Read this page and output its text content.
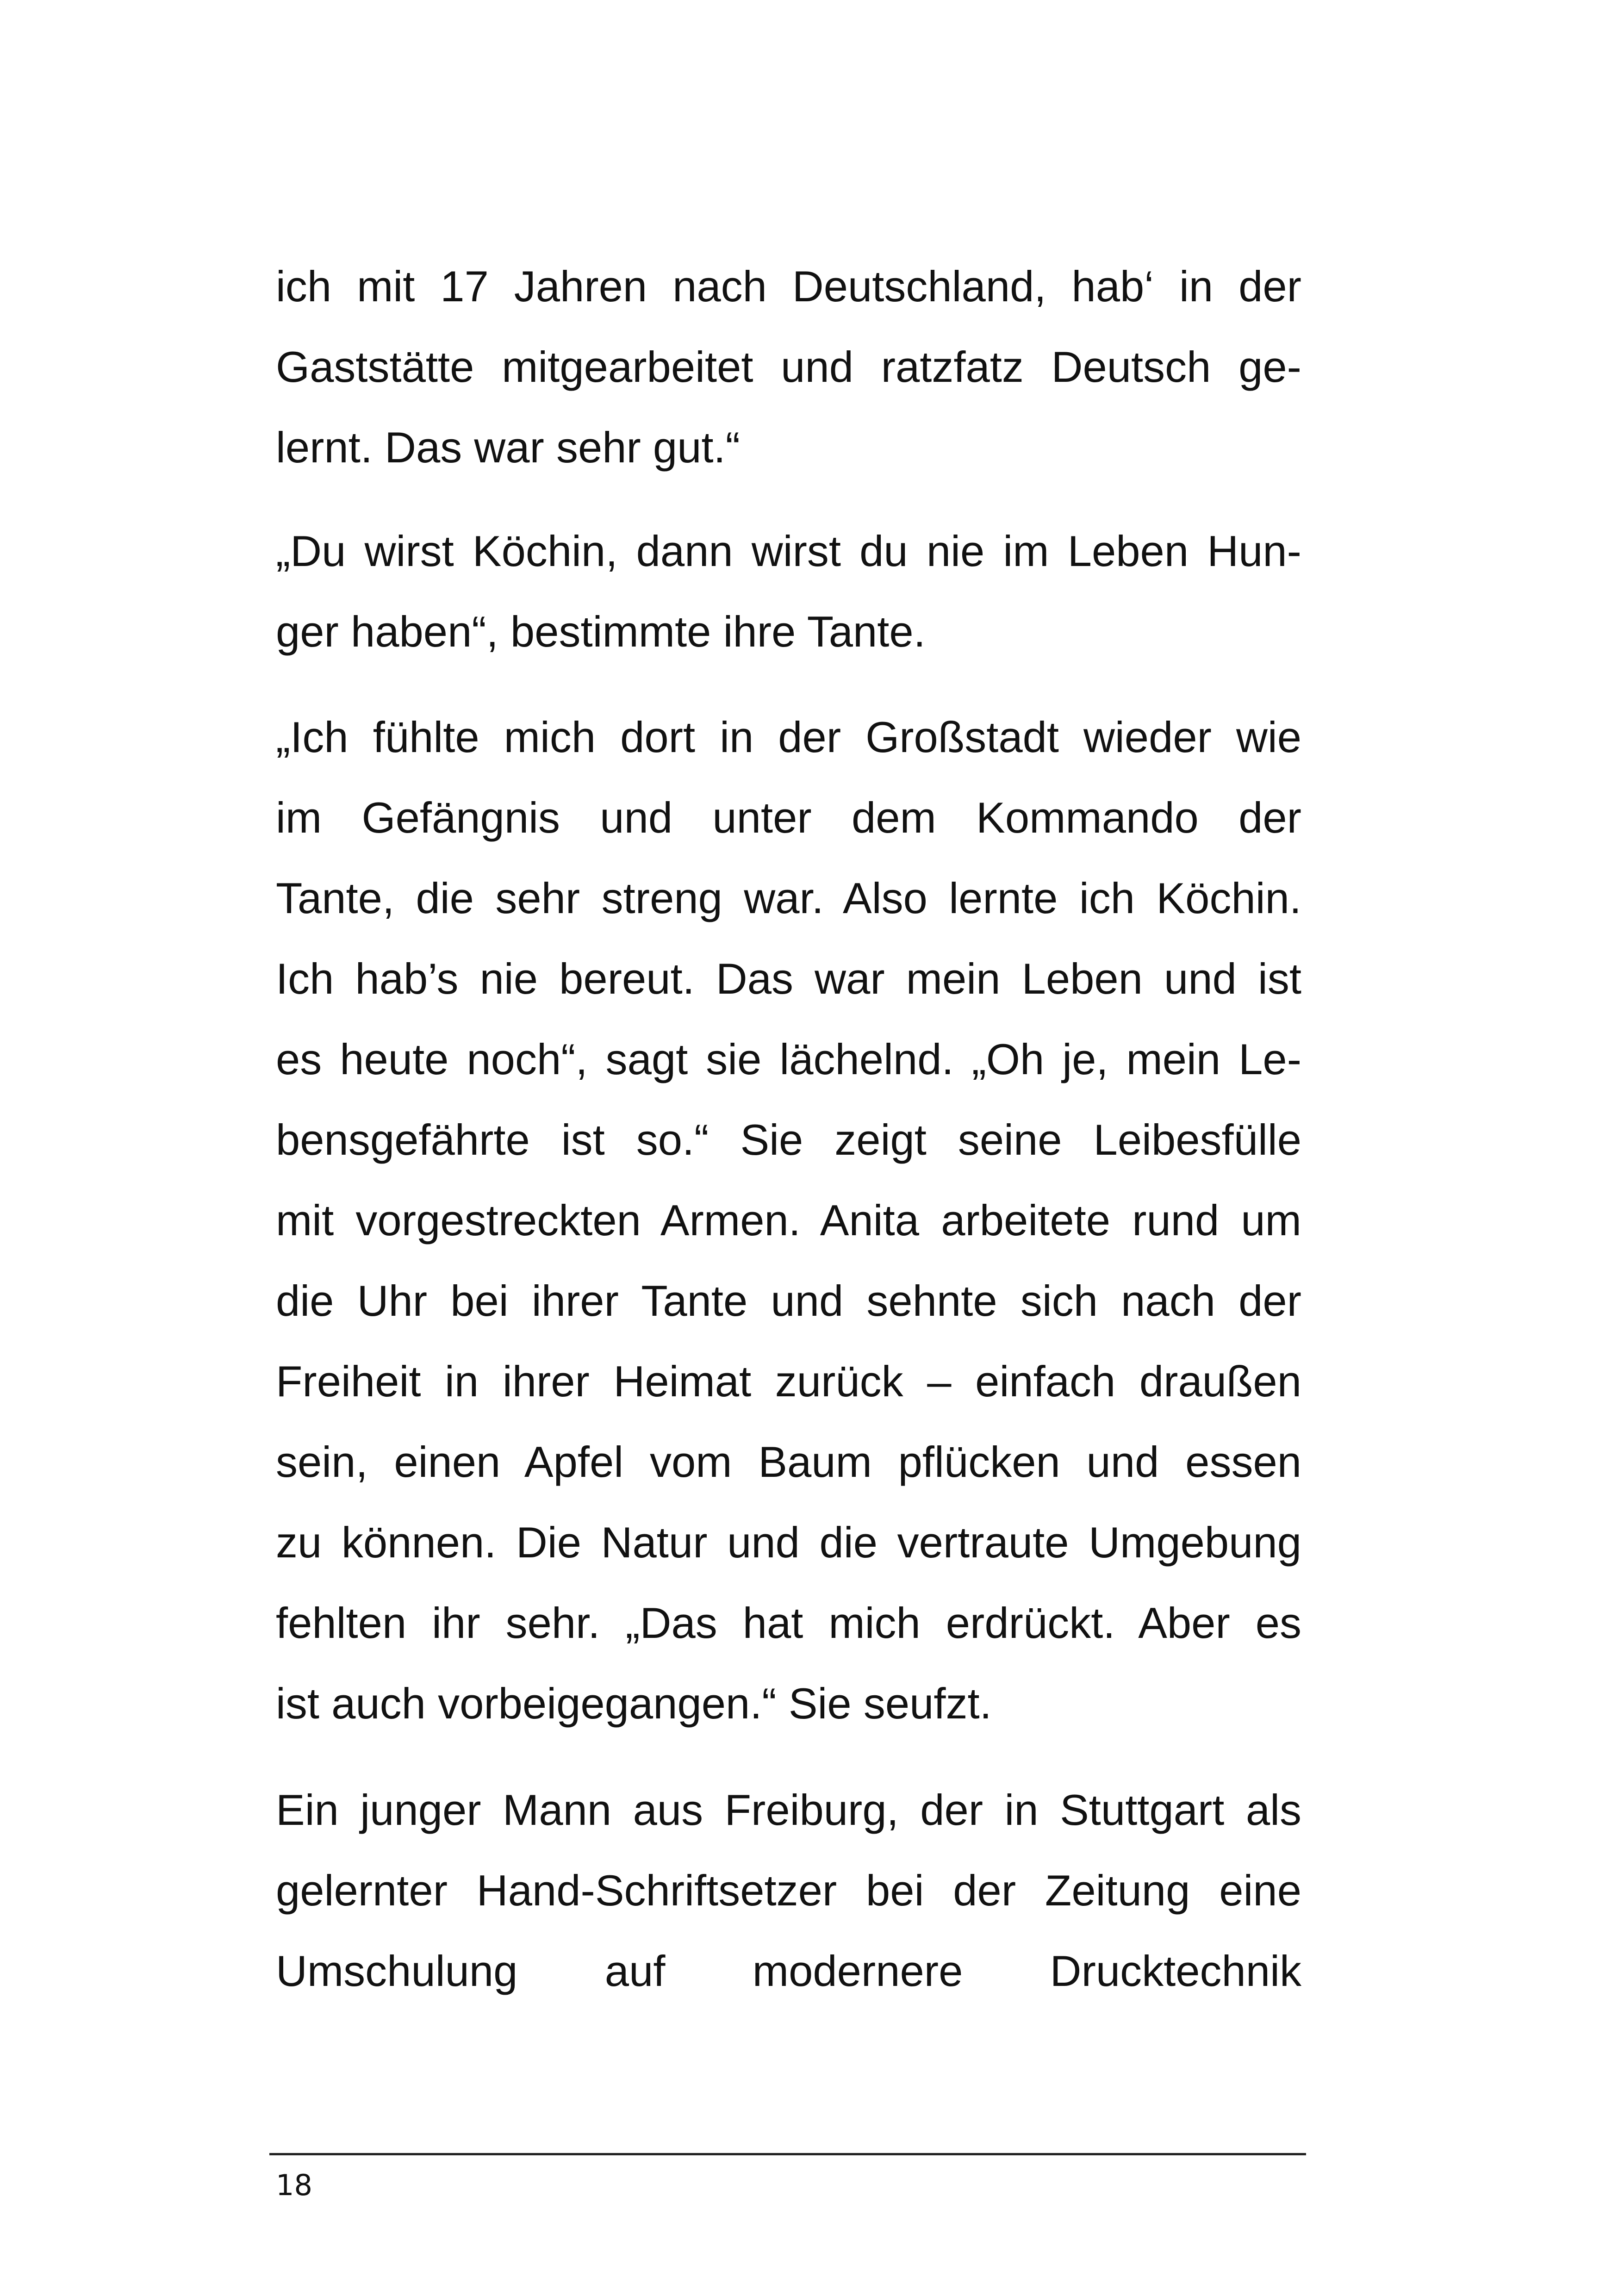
ich mit 17 Jahren nach Deutschland, hab‘ in der
Gaststätte mitgearbeitet und ratzfatz Deutsch ge-
lernt. Das war sehr gut.“

„Du wirst Köchin, dann wirst du nie im Leben Hun-
ger haben“, bestimmte ihre Tante.

„Ich fühlte mich dort in der Großstadt wieder wie
im Gefängnis und unter dem Kommando der
Tante, die sehr streng war. Also lernte ich Köchin.
Ich hab’s nie bereut. Das war mein Leben und ist
es heute noch“, sagt sie lächelnd. „Oh je, mein Le-
bensgefährte ist so.“ Sie zeigt seine Leibesfülle
mit vorgestreckten Armen. Anita arbeitete rund um
die Uhr bei ihrer Tante und sehnte sich nach der
Freiheit in ihrer Heimat zurück – einfach draußen
sein, einen Apfel vom Baum pflücken und essen
zu können. Die Natur und die vertraute Umgebung
fehlten ihr sehr. „Das hat mich erdrückt. Aber es
ist auch vorbeigegangen.“ Sie seufzt.

Ein junger Mann aus Freiburg, der in Stuttgart als
gelernter Hand-Schriftsetzer bei der Zeitung eine
Umschulung auf modernere Drucktechnik

18
